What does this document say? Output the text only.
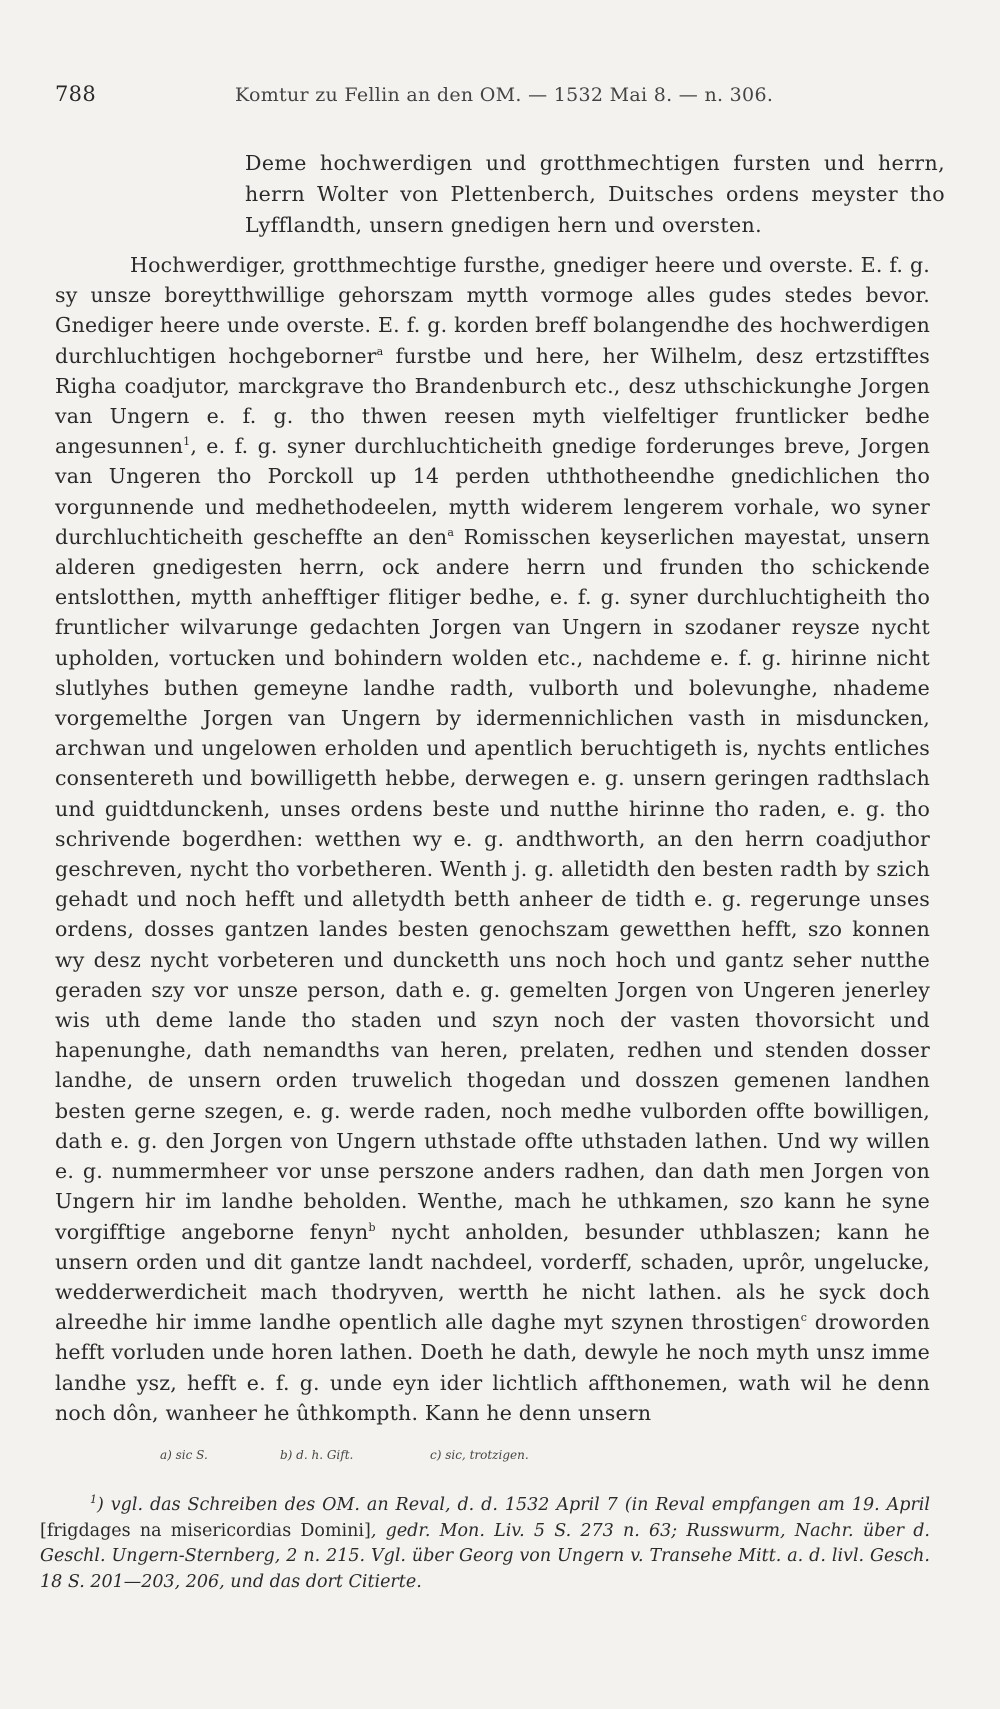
788	Komtur zu Fellin an den OM. — 1532 Mai 8. — n. 306.
Deme hochwerdigen und grotthmechtigen fursten und herrn, herrn Wolter von Plettenberch, Duitsches ordens meyster tho Lyfflandth, unsern gnedigen hern und oversten.
Hochwerdiger, grotthmechtige fursthe, gnediger heere und overste. E. f. g. sy unsze boreytthwillige gehorszam mytth vormoge alles gudes stedes bevor. Gnediger heere unde overste. E. f. g. korden breff bolangendhe des hochwerdigen durchluchtigen hochgeborner$^a$ furstbe und here, her Wilhelm, desz ertzstifftes Righa coadjutor, marckgrave tho Brandenburch etc., desz uthschickunghe Jorgen van Ungern e. f. g. tho thwen reesen myth vielfeltiger fruntlicker bedhe angesunnen$^1$, e. f. g. syner durchluchticheith gnedige forderunges breve, Jorgen van Ungeren tho Porckoll up 14 perden uththotheendhe gnedichlichen tho vorgunnende und medhethodeelen, mytth widerem lengerem vorhale, wo syner durchluchticheith gescheffte an den$^a$ Romisschen keyserlichen mayestat, unsern alderen gnedigesten herrn, ock andere herrn und frunden tho schickende entslotthen, mytth anhefftiger flitiger bedhe, e. f. g. syner durchluchtigheith tho fruntlicher wilvarunge gedachten Jorgen van Ungern in szodaner reysze nycht upholden, vortucken und bohindern wolden etc., nachdeme e. f. g. hirinne nicht slutlyhes buthen gemeyne landhe radth, vulborth und bolevunghe, nhademe vorgemelthe Jorgen van Ungern by idermennichlichen vasth in misduncken, archwan und ungelowen erholden und apentlich beruchtigeth is, nychts entliches consentereth und bowilligetth hebbe, derwegen e. g. unsern geringen radthslach und guidtdunckenh, unses ordens beste und nutthe hirinne tho raden, e. g. tho schrivende bogerdhen: wetthen wy e. g. andthworth, an den herrn coadjuthor geschreven, nycht tho vorbetheren. Wenth j. g. alletidth den besten radth by szich gehadt und noch hefft und alletydth betth anheer de tidth e. g. regerunge unses ordens, dosses gantzen landes besten genochszam gewetthen hefft, szo konnen wy desz nycht vorbeteren und duncketth uns noch hoch und gantz seher nutthe geraden szy vor unsze person, dath e. g. gemelten Jorgen von Ungeren jenerley wis uth deme lande tho staden und szyn noch der vasten thovorsicht und hapenunghe, dath nemandths van heren, prelaten, redhen und stenden dosser landhe, de unsern orden truwelich thogedan und dosszen gemenen landhen besten gerne szegen, e. g. werde raden, noch medhe vulborden offte bowilligen, dath e. g. den Jorgen von Ungern uthstade offte uthstaden lathen. Und wy willen e. g. nummermheer vor unse perszone anders radhen, dan dath men Jorgen von Ungern hir im landhe beholden. Wenthe, mach he uthkamen, szo kann he syne vorgifftige angeborne fenyn$^b$ nycht anholden, besunder uthblaszen; kann he unsern orden und dit gantze landt nachdeel, vorderff, schaden, uprôr, ungelucke, wedderwerdicheit mach thodryven, wertth he nicht lathen. als he syck doch alreedhe hir imme landhe opentlich alle daghe myt szynen throstigen$^c$ droworden hefft vorluden unde horen lathen. Doeth he dath, dewyle he noch myth unsz imme landhe ysz, hefft e. f. g. unde eyn ider lichtlich affthonemen, wath wil he denn noch dôn, wanheer he ûthkompth. Kann he denn unsern
a) sic S.	b) d. h. Gift.	c) sic, trotzigen.
$^1$) vgl. das Schreiben des OM. an Reval, d. d. 1532 April 7 (in Reval empfangen am 19. April [frigdages na misericordias Domini], gedr. Mon. Liv. 5 S. 273 n. 63; Russwurm, Nachr. über d. Geschl. Ungern-Sternberg, 2 n. 215. Vgl. über Georg von Ungern v. Transehe Mitt. a. d. livl. Gesch. 18 S. 201—203, 206, und das dort Citierte.
